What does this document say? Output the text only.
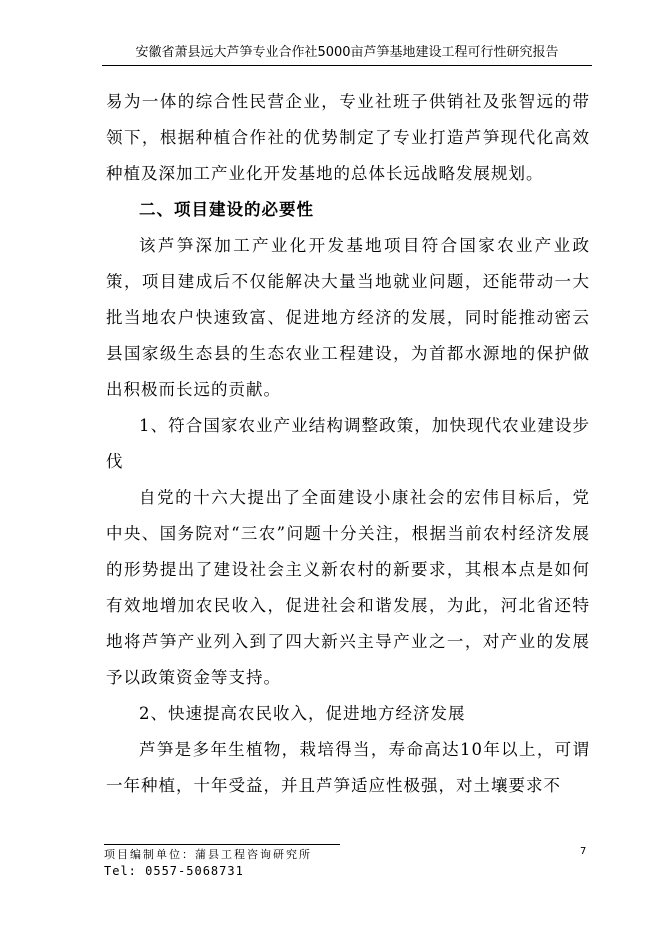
安徽省萧县远大芦笋专业合作社5000亩芦笋基地建设工程可行性研究报告

易为一体的综合性民营企业，专业社班子供销社及张智远的带领下，根据种植合作社的优势制定了专业打造芦笋现代化高效种植及深加工产业化开发基地的总体长远战略发展规划。

二、项目建设的必要性

该芦笋深加工产业化开发基地项目符合国家农业产业政策，项目建成后不仅能解决大量当地就业问题，还能带动一大批当地农户快速致富、促进地方经济的发展，同时能推动密云县国家级生态县的生态农业工程建设，为首都水源地的保护做出积极而长远的贡献。

1、符合国家农业产业结构调整政策，加快现代农业建设步伐

自党的十六大提出了全面建设小康社会的宏伟目标后，党中央、国务院对“三农”问题十分关注，根据当前农村经济发展的形势提出了建设社会主义新农村的新要求，其根本点是如何有效地增加农民收入，促进社会和谐发展，为此，河北省还特地将芦笋产业列入到了四大新兴主导产业之一，对产业的发展予以政策资金等支持。

2、快速提高农民收入，促进地方经济发展

芦笋是多年生植物，栽培得当，寿命高达10年以上，可谓一年种植，十年受益，并且芦笋适应性极强，对土壤要求不

项目编制单位：蒲县工程咨询研究所
Tel: 0557-5068731
7
